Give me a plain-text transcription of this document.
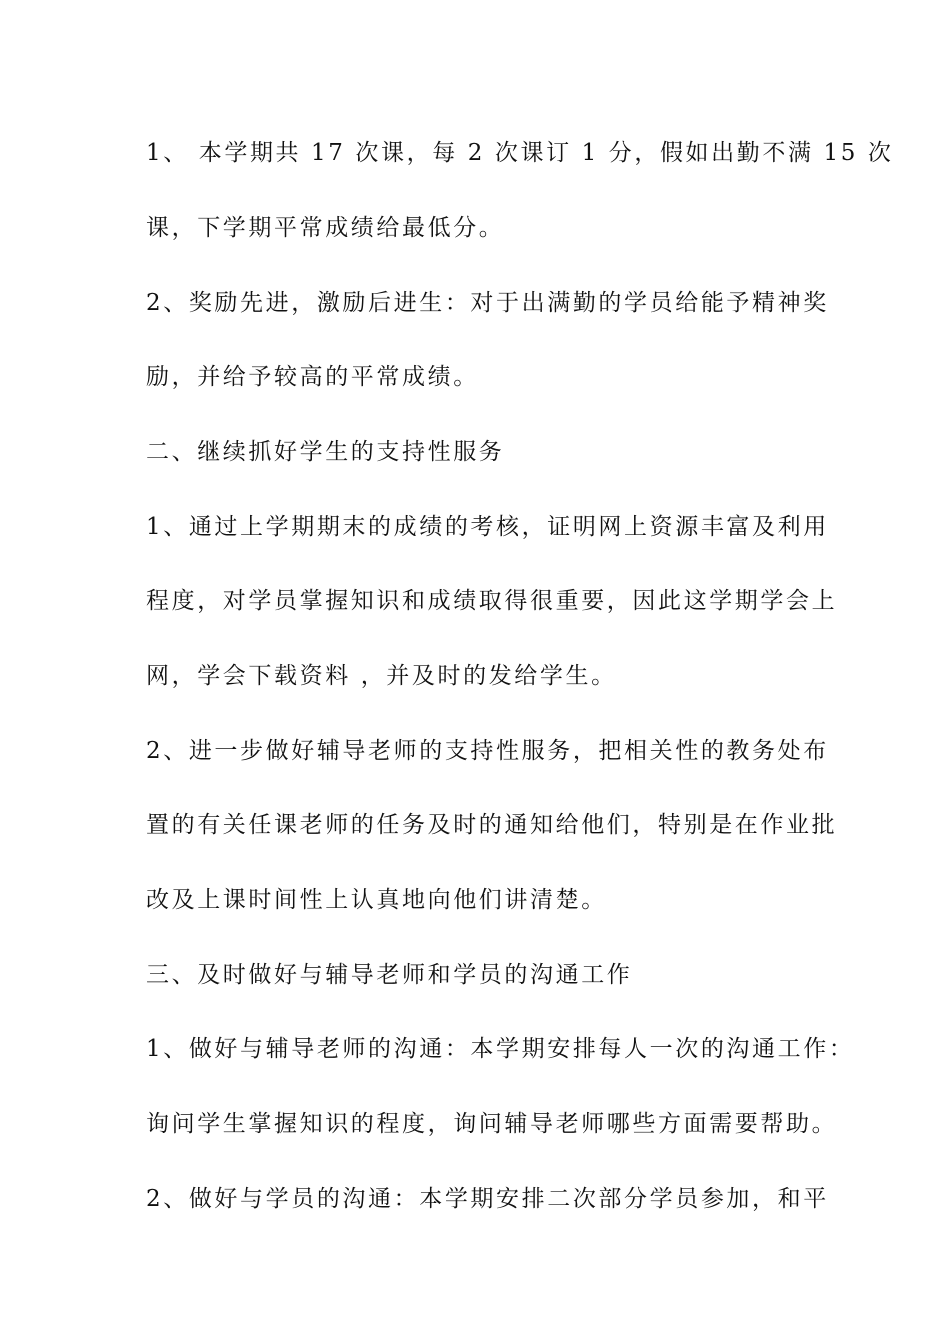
1、 本学期共 17 次课，每 2 次课订 1 分，假如出勤不满 15 次
课，下学期平常成绩给最低分。
2、奖励先进，激励后进生：对于出满勤的学员给能予精神奖
励，并给予较高的平常成绩。
二、继续抓好学生的支持性服务
1、通过上学期期末的成绩的考核，证明网上资源丰富及利用
程度，对学员掌握知识和成绩取得很重要，因此这学期学会上
网，学会下载资料 ，并及时的发给学生。
2、进一步做好辅导老师的支持性服务，把相关性的教务处布
置的有关任课老师的任务及时的通知给他们，特别是在作业批
改及上课时间性上认真地向他们讲清楚。
三、及时做好与辅导老师和学员的沟通工作
1、做好与辅导老师的沟通：本学期安排每人一次的沟通工作：
询问学生掌握知识的程度，询问辅导老师哪些方面需要帮助。
2、做好与学员的沟通：本学期安排二次部分学员参加，和平
